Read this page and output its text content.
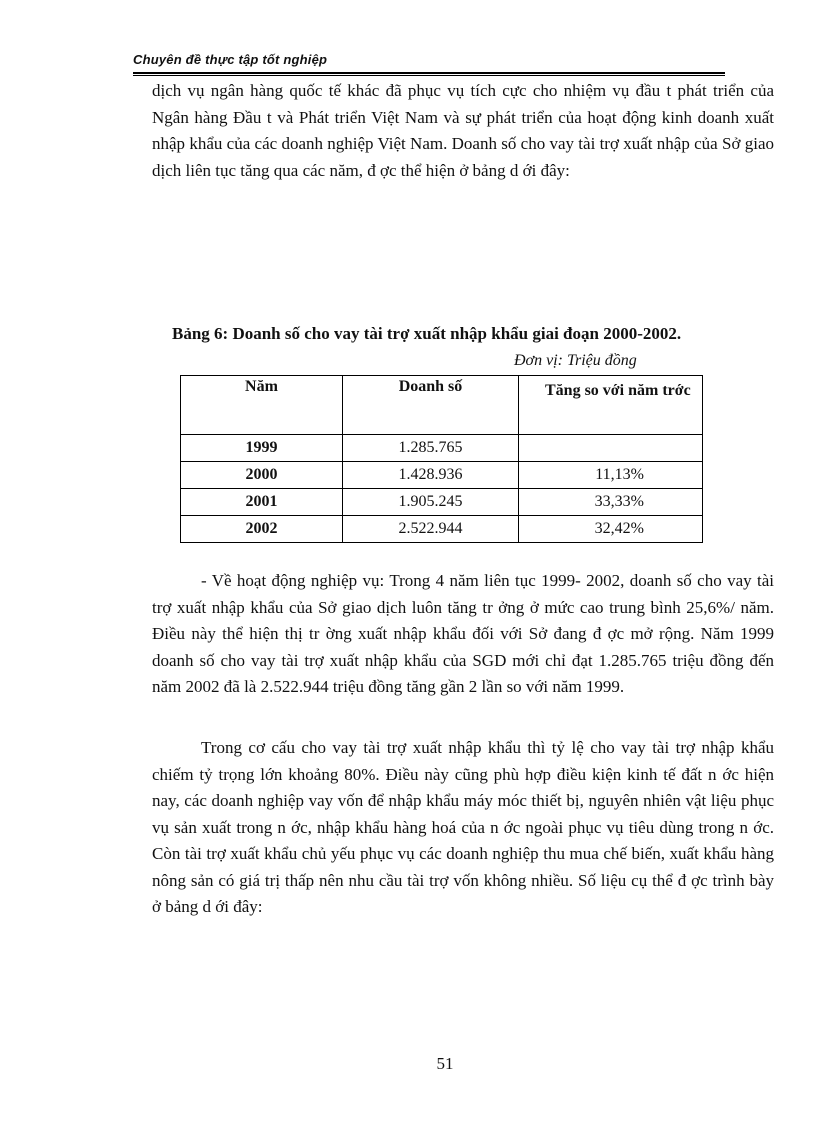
Chuyên đề thực tập tốt nghiệp

dịch vụ ngân hàng quốc tế khác đã phục vụ tích cực cho nhiệm vụ đầu t phát triển của Ngân hàng Đầu t và Phát triển Việt Nam và sự phát triển của hoạt động kinh doanh xuất nhập khẩu của các doanh nghiệp Việt Nam. Doanh số cho vay tài trợ xuất nhập của Sở giao dịch liên tục tăng qua các năm, đ ợc thể hiện ở bảng d ới đây:

Bảng 6: Doanh số cho vay tài trợ xuất nhập khẩu giai đoạn 2000-2002.
Đơn vị: Triệu đồng
Năm	Doanh số	Tăng so với năm trớc
1999	1.285.765	
2000	1.428.936	11,13%
2001	1.905.245	33,33%
2002	2.522.944	32,42%

- Về hoạt động nghiệp vụ: Trong 4 năm liên tục 1999- 2002, doanh số cho vay tài trợ xuất nhập khẩu của Sở giao dịch luôn tăng tr ởng ở mức cao trung bình 25,6%/ năm. Điều này thể hiện thị tr ờng xuất nhập khẩu đối với Sở đang đ ợc mở rộng. Năm 1999 doanh số cho vay tài trợ xuất nhập khẩu của SGD mới chỉ đạt 1.285.765 triệu đồng đến năm 2002 đã là 2.522.944 triệu đồng tăng gần 2 lần so với năm 1999.

Trong cơ cấu cho vay tài trợ xuất nhập khẩu thì tỷ lệ cho vay tài trợ nhập khẩu chiếm tỷ trọng lớn khoảng 80%. Điều này cũng phù hợp điều kiện kinh tế đất n ớc hiện nay, các doanh nghiệp vay vốn để nhập khẩu máy móc thiết bị, nguyên nhiên vật liệu phục vụ sản xuất trong n ớc, nhập khẩu hàng hoá của n ớc ngoài phục vụ tiêu dùng trong n ớc. Còn tài trợ xuất khẩu chủ yếu phục vụ các doanh nghiệp thu mua chế biến, xuất khẩu hàng nông sản có giá trị thấp nên nhu cầu tài trợ vốn không nhiều. Số liệu cụ thể đ ợc trình bày ở bảng d ới đây:

51
